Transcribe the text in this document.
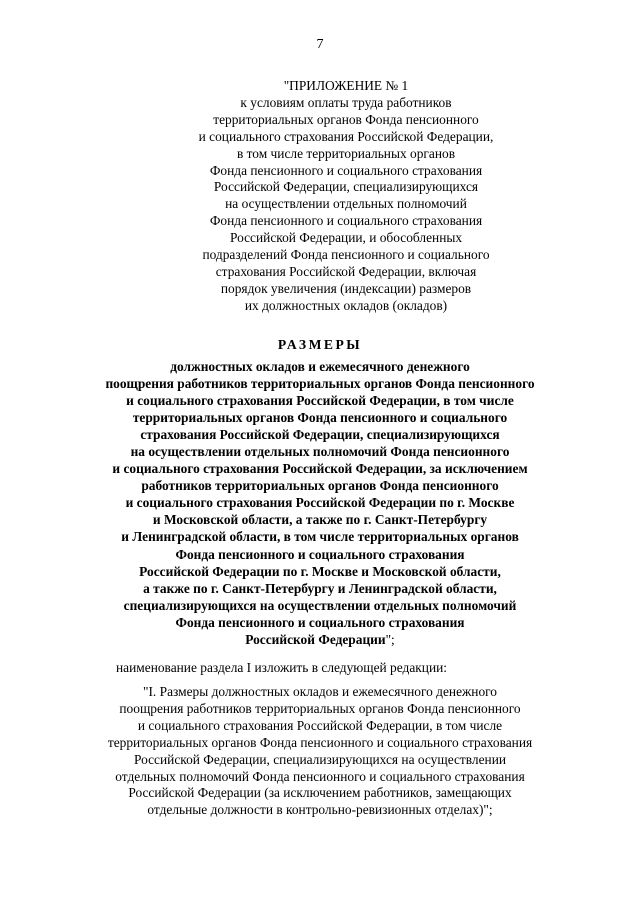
7
"ПРИЛОЖЕНИЕ № 1
к условиям оплаты труда работников
территориальных органов Фонда пенсионного
и социального страхования Российской Федерации,
в том числе территориальных органов
Фонда пенсионного и социального страхования
Российской Федерации, специализирующихся
на осуществлении отдельных полномочий
Фонда пенсионного и социального страхования
Российской Федерации, и обособленных
подразделений Фонда пенсионного и социального
страхования Российской Федерации, включая
порядок увеличения (индексации) размеров
их должностных окладов (окладов)
РАЗМЕРЫ
должностных окладов и ежемесячного денежного
поощрения работников территориальных органов Фонда пенсионного
и социального страхования Российской Федерации, в том числе
территориальных органов Фонда пенсионного и социального
страхования Российской Федерации, специализирующихся
на осуществлении отдельных полномочий Фонда пенсионного
и социального страхования Российской Федерации, за исключением
работников территориальных органов Фонда пенсионного
и социального страхования Российской Федерации по г. Москве
и Московской области, а также по г. Санкт-Петербургу
и Ленинградской области, в том числе территориальных органов
Фонда пенсионного и социального страхования
Российской Федерации по г. Москве и Московской области,
а также по г. Санкт-Петербургу и Ленинградской области,
специализирующихся на осуществлении отдельных полномочий
Фонда пенсионного и социального страхования
Российской Федерации";
наименование раздела I изложить в следующей редакции:
"I. Размеры должностных окладов и ежемесячного денежного
поощрения работников территориальных органов Фонда пенсионного
и социального страхования Российской Федерации, в том числе
территориальных органов Фонда пенсионного и социального страхования
Российской Федерации, специализирующихся на осуществлении
отдельных полномочий Фонда пенсионного и социального страхования
Российской Федерации (за исключением работников, замещающих
отдельные должности в контрольно-ревизионных отделах)";
